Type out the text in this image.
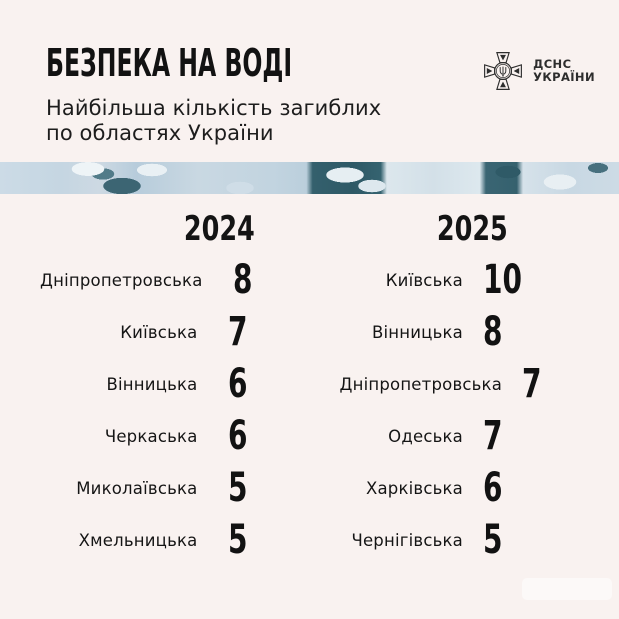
БЕЗПЕКА НА ВОДІ
Найбільша кількість загиблих
по областях України
ДСНС
УКРАЇНИ
2024
Дніпропетровська 8
Київська 7
Вінницька 6
Черкаська 6
Миколаївська 5
Хмельницька 5
2025
Київська 10
Вінницька 8
Дніпропетровська 7
Одеська 7
Харківська 6
Чернігівська 5
